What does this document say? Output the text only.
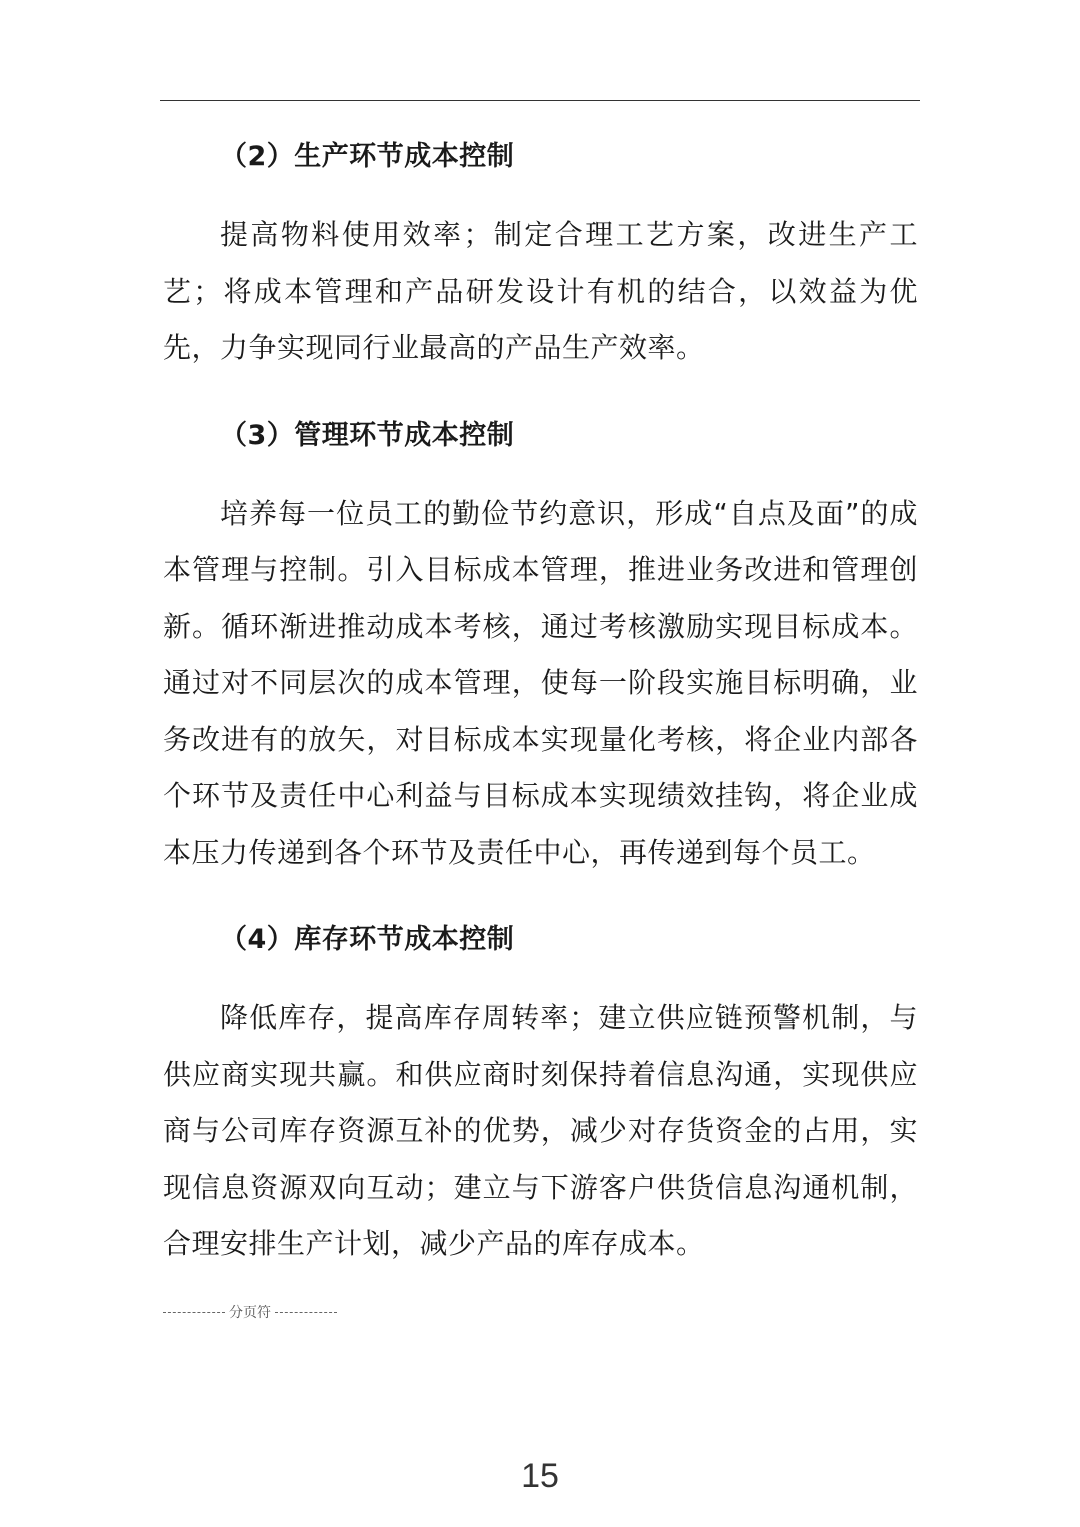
（2）生产环节成本控制

提高物料使用效率；制定合理工艺方案，改进生产工艺；将成本管理和产品研发设计有机的结合，以效益为优先，力争实现同行业最高的产品生产效率。

（3）管理环节成本控制

培养每一位员工的勤俭节约意识，形成“自点及面”的成本管理与控制。引入目标成本管理，推进业务改进和管理创新。循环渐进推动成本考核，通过考核激励实现目标成本。通过对不同层次的成本管理，使每一阶段实施目标明确，业务改进有的放矢，对目标成本实现量化考核，将企业内部各个环节及责任中心利益与目标成本实现绩效挂钩，将企业成本压力传递到各个环节及责任中心，再传递到每个员工。

（4）库存环节成本控制

降低库存，提高库存周转率；建立供应链预警机制，与供应商实现共赢。和供应商时刻保持着信息沟通，实现供应商与公司库存资源互补的优势，减少对存货资金的占用，实现信息资源双向互动；建立与下游客户供货信息沟通机制，合理安排生产计划，减少产品的库存成本。

分页符
15
